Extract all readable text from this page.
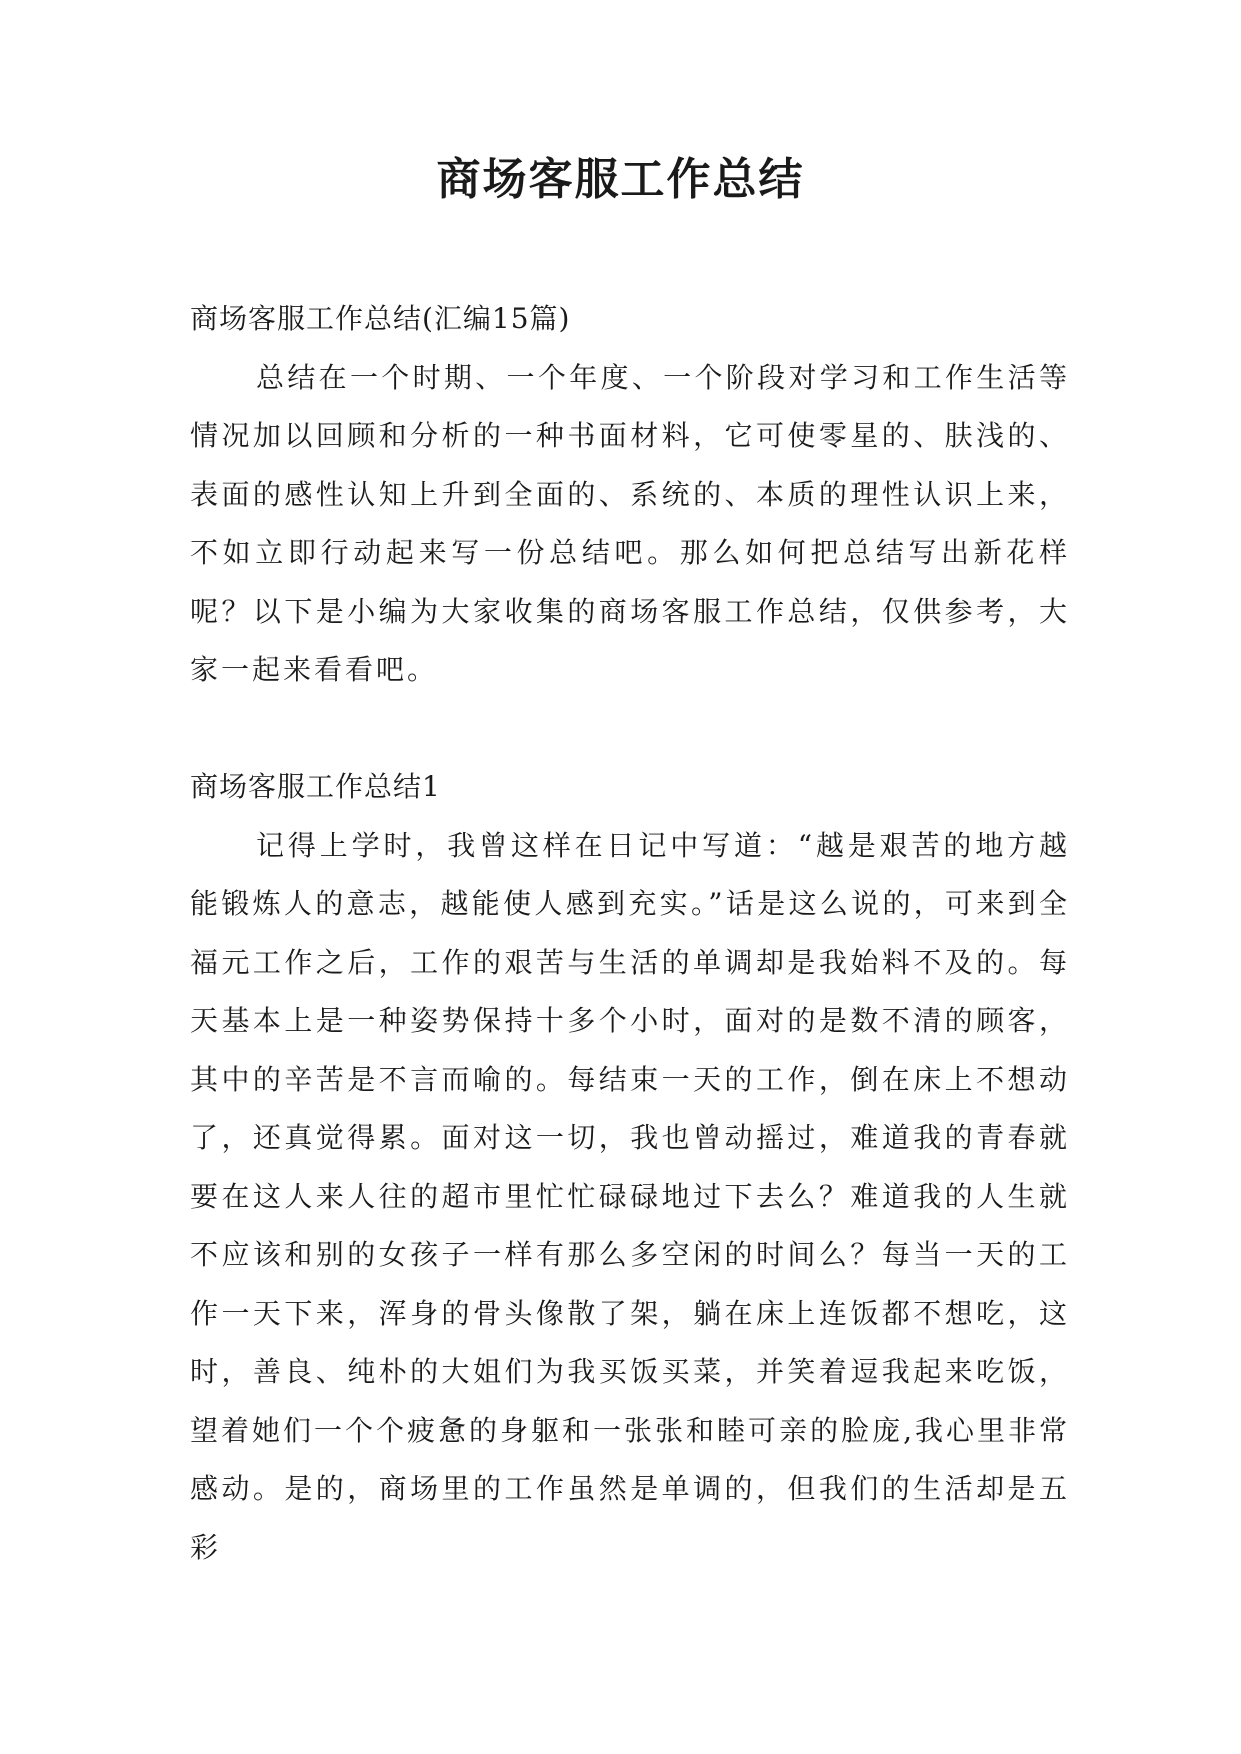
商场客服工作总结

商场客服工作总结(汇编15篇)

总结在一个时期、一个年度、一个阶段对学习和工作生活等情况加以回顾和分析的一种书面材料，它可使零星的、肤浅的、表面的感性认知上升到全面的、系统的、本质的理性认识上来，不如立即行动起来写一份总结吧。那么如何把总结写出新花样呢？以下是小编为大家收集的商场客服工作总结，仅供参考，大家一起来看看吧。

商场客服工作总结1

记得上学时，我曾这样在日记中写道：“越是艰苦的地方越能锻炼人的意志，越能使人感到充实。”话是这么说的，可来到全福元工作之后，工作的艰苦与生活的单调却是我始料不及的。每天基本上是一种姿势保持十多个小时，面对的是数不清的顾客，其中的辛苦是不言而喻的。每结束一天的工作，倒在床上不想动了，还真觉得累。面对这一切，我也曾动摇过，难道我的青春就要在这人来人往的超市里忙忙碌碌地过下去么？难道我的人生就不应该和别的女孩子一样有那么多空闲的时间么？每当一天的工作一天下来，浑身的骨头像散了架，躺在床上连饭都不想吃，这时，善良、纯朴的大姐们为我买饭买菜，并笑着逗我起来吃饭，望着她们一个个疲惫的身躯和一张张和睦可亲的脸庞,我心里非常感动。是的，商场里的工作虽然是单调的，但我们的生活却是五彩
